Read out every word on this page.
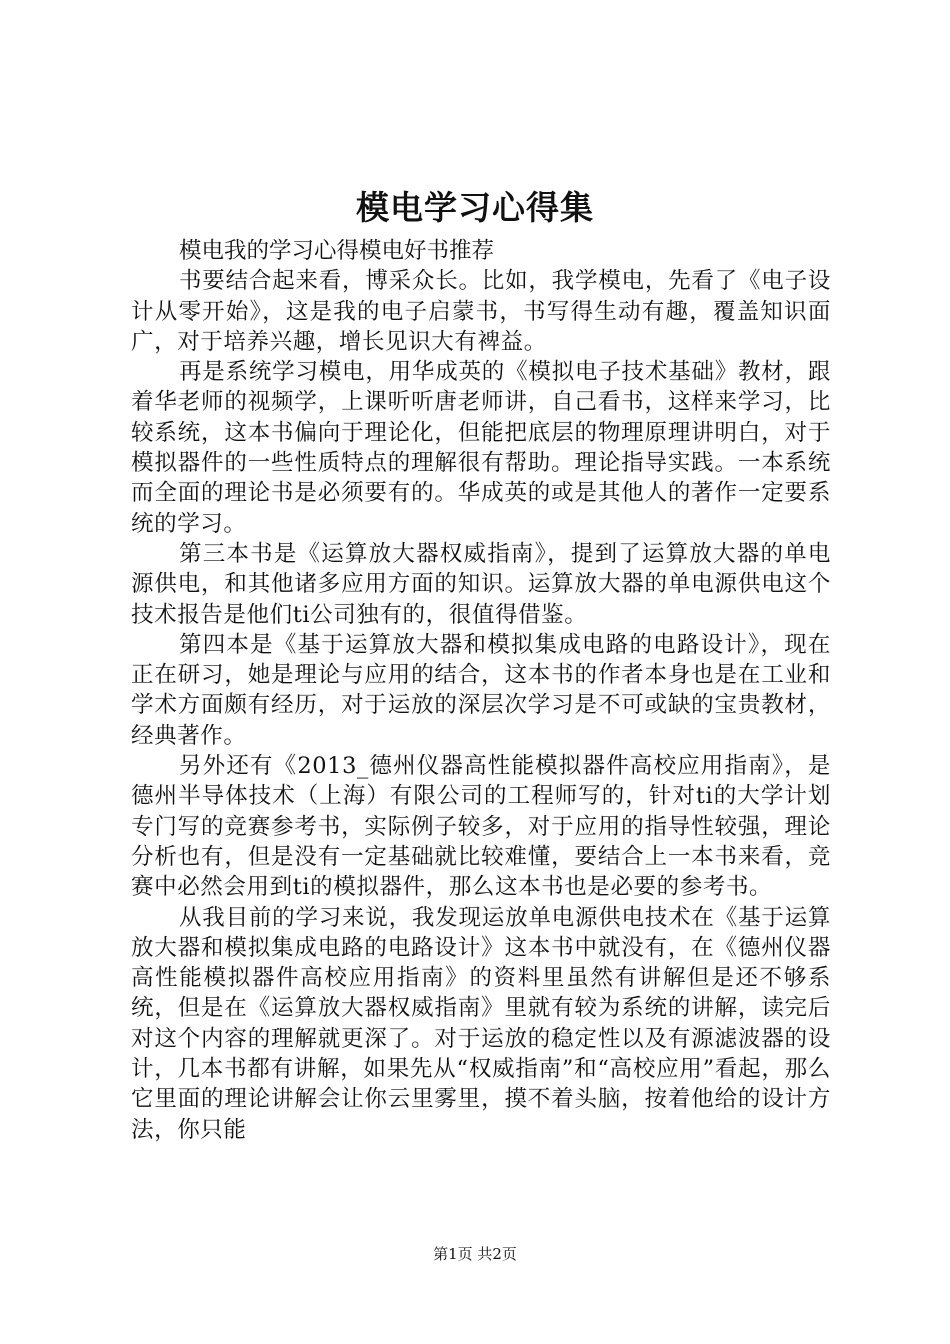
模电学习心得集

模电我的学习心得模电好书推荐

书要结合起来看，博采众长。比如，我学模电，先看了《电子设计从零开始》，这是我的电子启蒙书，书写得生动有趣，覆盖知识面广，对于培养兴趣，增长见识大有裨益。

再是系统学习模电，用华成英的《模拟电子技术基础》教材，跟着华老师的视频学，上课听听唐老师讲，自己看书，这样来学习，比较系统，这本书偏向于理论化，但能把底层的物理原理讲明白，对于模拟器件的一些性质特点的理解很有帮助。理论指导实践。一本系统而全面的理论书是必须要有的。华成英的或是其他人的著作一定要系统的学习。

第三本书是《运算放大器权威指南》，提到了运算放大器的单电源供电，和其他诸多应用方面的知识。运算放大器的单电源供电这个技术报告是他们ti公司独有的，很值得借鉴。

第四本是《基于运算放大器和模拟集成电路的电路设计》，现在正在研习，她是理论与应用的结合，这本书的作者本身也是在工业和学术方面颇有经历，对于运放的深层次学习是不可或缺的宝贵教材，经典著作。

另外还有《2013_德州仪器高性能模拟器件高校应用指南》，是德州半导体技术（上海）有限公司的工程师写的，针对ti的大学计划专门写的竞赛参考书，实际例子较多，对于应用的指导性较强，理论分析也有，但是没有一定基础就比较难懂，要结合上一本书来看，竞赛中必然会用到ti的模拟器件，那么这本书也是必要的参考书。

从我目前的学习来说，我发现运放单电源供电技术在《基于运算放大器和模拟集成电路的电路设计》这本书中就没有，在《德州仪器高性能模拟器件高校应用指南》的资料里虽然有讲解但是还不够系统，但是在《运算放大器权威指南》里就有较为系统的讲解，读完后对这个内容的理解就更深了。对于运放的稳定性以及有源滤波器的设计，几本书都有讲解，如果先从“权威指南”和“高校应用”看起，那么它里面的理论讲解会让你云里雾里，摸不着头脑，按着他给的设计方法，你只能

第1页 共2页
